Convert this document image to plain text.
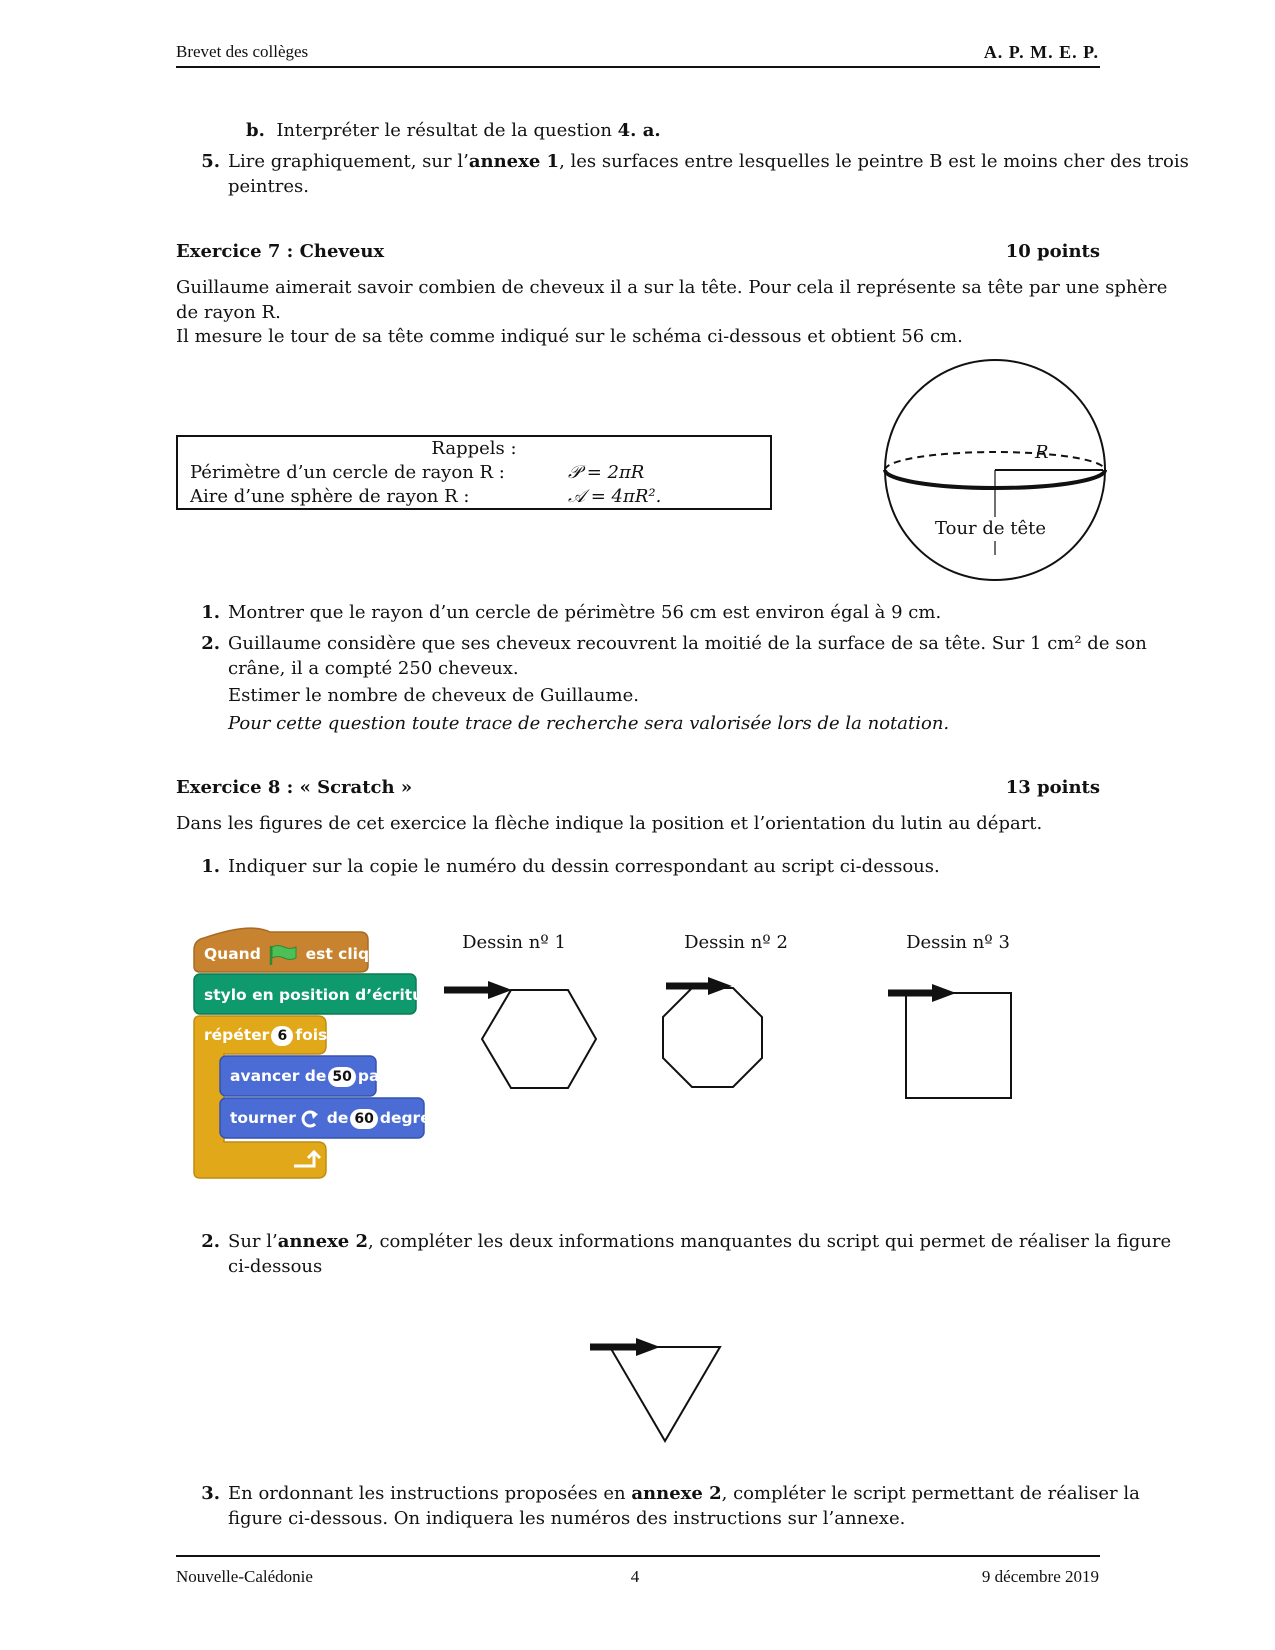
Brevet des collèges	A. P. M. E. P.
b. Interpréter le résultat de la question 4. a.
5. Lire graphiquement, sur l’annexe 1, les surfaces entre lesquelles le peintre B est le moins cher des trois
peintres.
Exercice 7 : Cheveux	10 points
Guillaume aimerait savoir combien de cheveux il a sur la tête. Pour cela il représente sa tête par une sphère
de rayon R.
Il mesure le tour de sa tête comme indiqué sur le schéma ci-dessous et obtient 56 cm.
Rappels :
Périmètre d’un cercle de rayon R :	𝒫 = 2πR
Aire d’une sphère de rayon R :	𝒜 = 4πR².
R
Tour de tête
1. Montrer que le rayon d’un cercle de périmètre 56 cm est environ égal à 9 cm.
2. Guillaume considère que ses cheveux recouvrent la moitié de la surface de sa tête. Sur 1 cm² de son
crâne, il a compté 250 cheveux.
Estimer le nombre de cheveux de Guillaume.
Pour cette question toute trace de recherche sera valorisée lors de la notation.
Exercice 8 : « Scratch »	13 points
Dans les figures de cet exercice la flèche indique la position et l’orientation du lutin au départ.
1. Indiquer sur la copie le numéro du dessin correspondant au script ci-dessous.
Quand	est cliqué
stylo en position d’écriture
répéter 6 fois
avancer de 50 pas
tourner de 60 degrés
Dessin nº 1	Dessin nº 2	Dessin nº 3
2. Sur l’annexe 2, compléter les deux informations manquantes du script qui permet de réaliser la figure
ci-dessous
3. En ordonnant les instructions proposées en annexe 2, compléter le script permettant de réaliser la
figure ci-dessous. On indiquera les numéros des instructions sur l’annexe.
Nouvelle-Calédonie	4	9 décembre 2019
